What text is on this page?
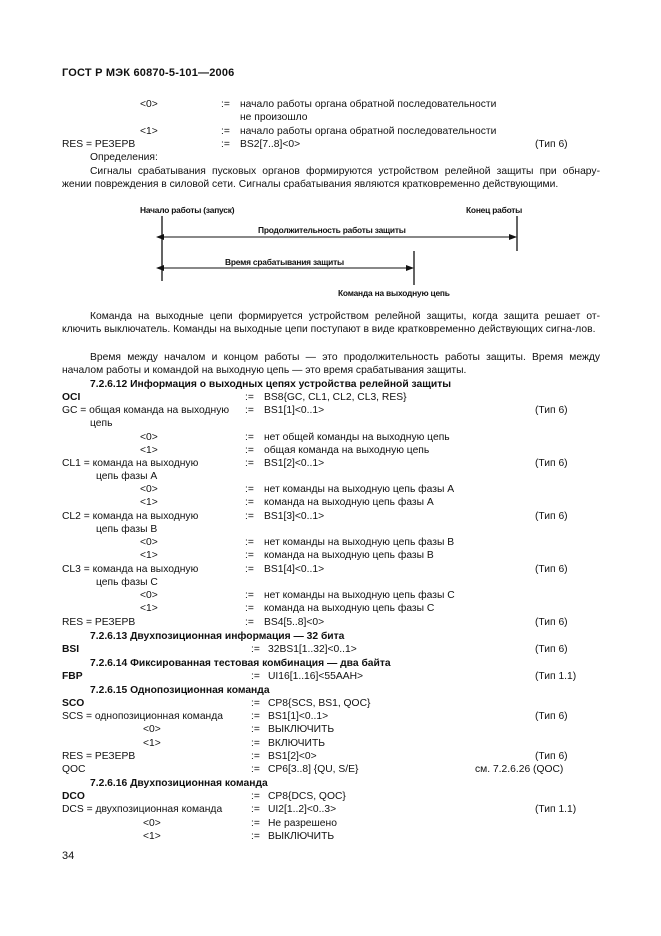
ГОСТ Р МЭК 60870-5-101—2006
<0>	:= начало работы органа обратной последовательности
не произошло
<1>	:= начало работы органа обратной последовательности
RES = РЕЗЕРВ	:= BS2[7..8]<0>	(Тип 6)
Определения:
Сигналы срабатывания пусковых органов формируются устройством релейной защиты при обнару-жении повреждения в силовой сети. Сигналы срабатывания являются кратковременно действующими.
Начало работы (запуск)	Конец работы
Продолжительность работы защиты
Время срабатывания защиты
Команда на выходную цепь
Команда на выходные цепи формируется устройством релейной защиты, когда защита решает от-ключить выключатель. Команды на выходные цепи поступают в виде кратковременно действующих сигна-лов.
Время между началом и концом работы — это продолжительность работы защиты. Время между началом работы и командой на выходную цепь — это время срабатывания защиты.
7.2.6.12 Информация о выходных цепях устройства релейной защиты
OCI	:= BS8{GC, CL1, CL2, CL3, RES}
GC = общая команда на выходную := BS1[1]<0..1>	(Тип 6)
цепь
<0>	:= нет общей команды на выходную цепь
<1>	:= общая команда на выходную цепь
CL1 = команда на выходную	:= BS1[2]<0..1>	(Тип 6)
цепь фазы А
<0>	:= нет команды на выходную цепь фазы А
<1>	:= команда на выходную цепь фазы А
CL2 = команда на выходную	:= BS1[3]<0..1>	(Тип 6)
цепь фазы В
<0>	:= нет команды на выходную цепь фазы В
<1>	:= команда на выходную цепь фазы В
CL3 = команда на выходную	:= BS1[4]<0..1>	(Тип 6)
цепь фазы С
<0>	:= нет команды на выходную цепь фазы С
<1>	:= команда на выходную цепь фазы С
RES = РЕЗЕРВ	:= BS4[5..8]<0>	(Тип 6)
7.2.6.13 Двухпозиционная информация — 32 бита
BSI	:= 32BS1[1..32]<0..1>	(Тип 6)
7.2.6.14 Фиксированная тестовая комбинация — два байта
FBP	:= UI16[1..16]<55AAH>	(Тип 1.1)
7.2.6.15 Однопозиционная команда
SCO	:= CP8{SCS, BS1, QOC}
SCS = однопозиционная команда	:= BS1[1]<0..1>	(Тип 6)
<0>	:= ВЫКЛЮЧИТЬ
<1>	:= ВКЛЮЧИТЬ
RES = РЕЗЕРВ	:= BS1[2]<0>	(Тип 6)
QOC	:= CP6[3..8] {QU, S/E}	см. 7.2.6.26 (QOC)
7.2.6.16 Двухпозиционная команда
DCO	:= CP8{DCS, QOC}
DCS = двухпозиционная команда	:= UI2[1..2]<0..3>	(Тип 1.1)
<0>	:= Не разрешено
<1>	:= ВЫКЛЮЧИТЬ
34
